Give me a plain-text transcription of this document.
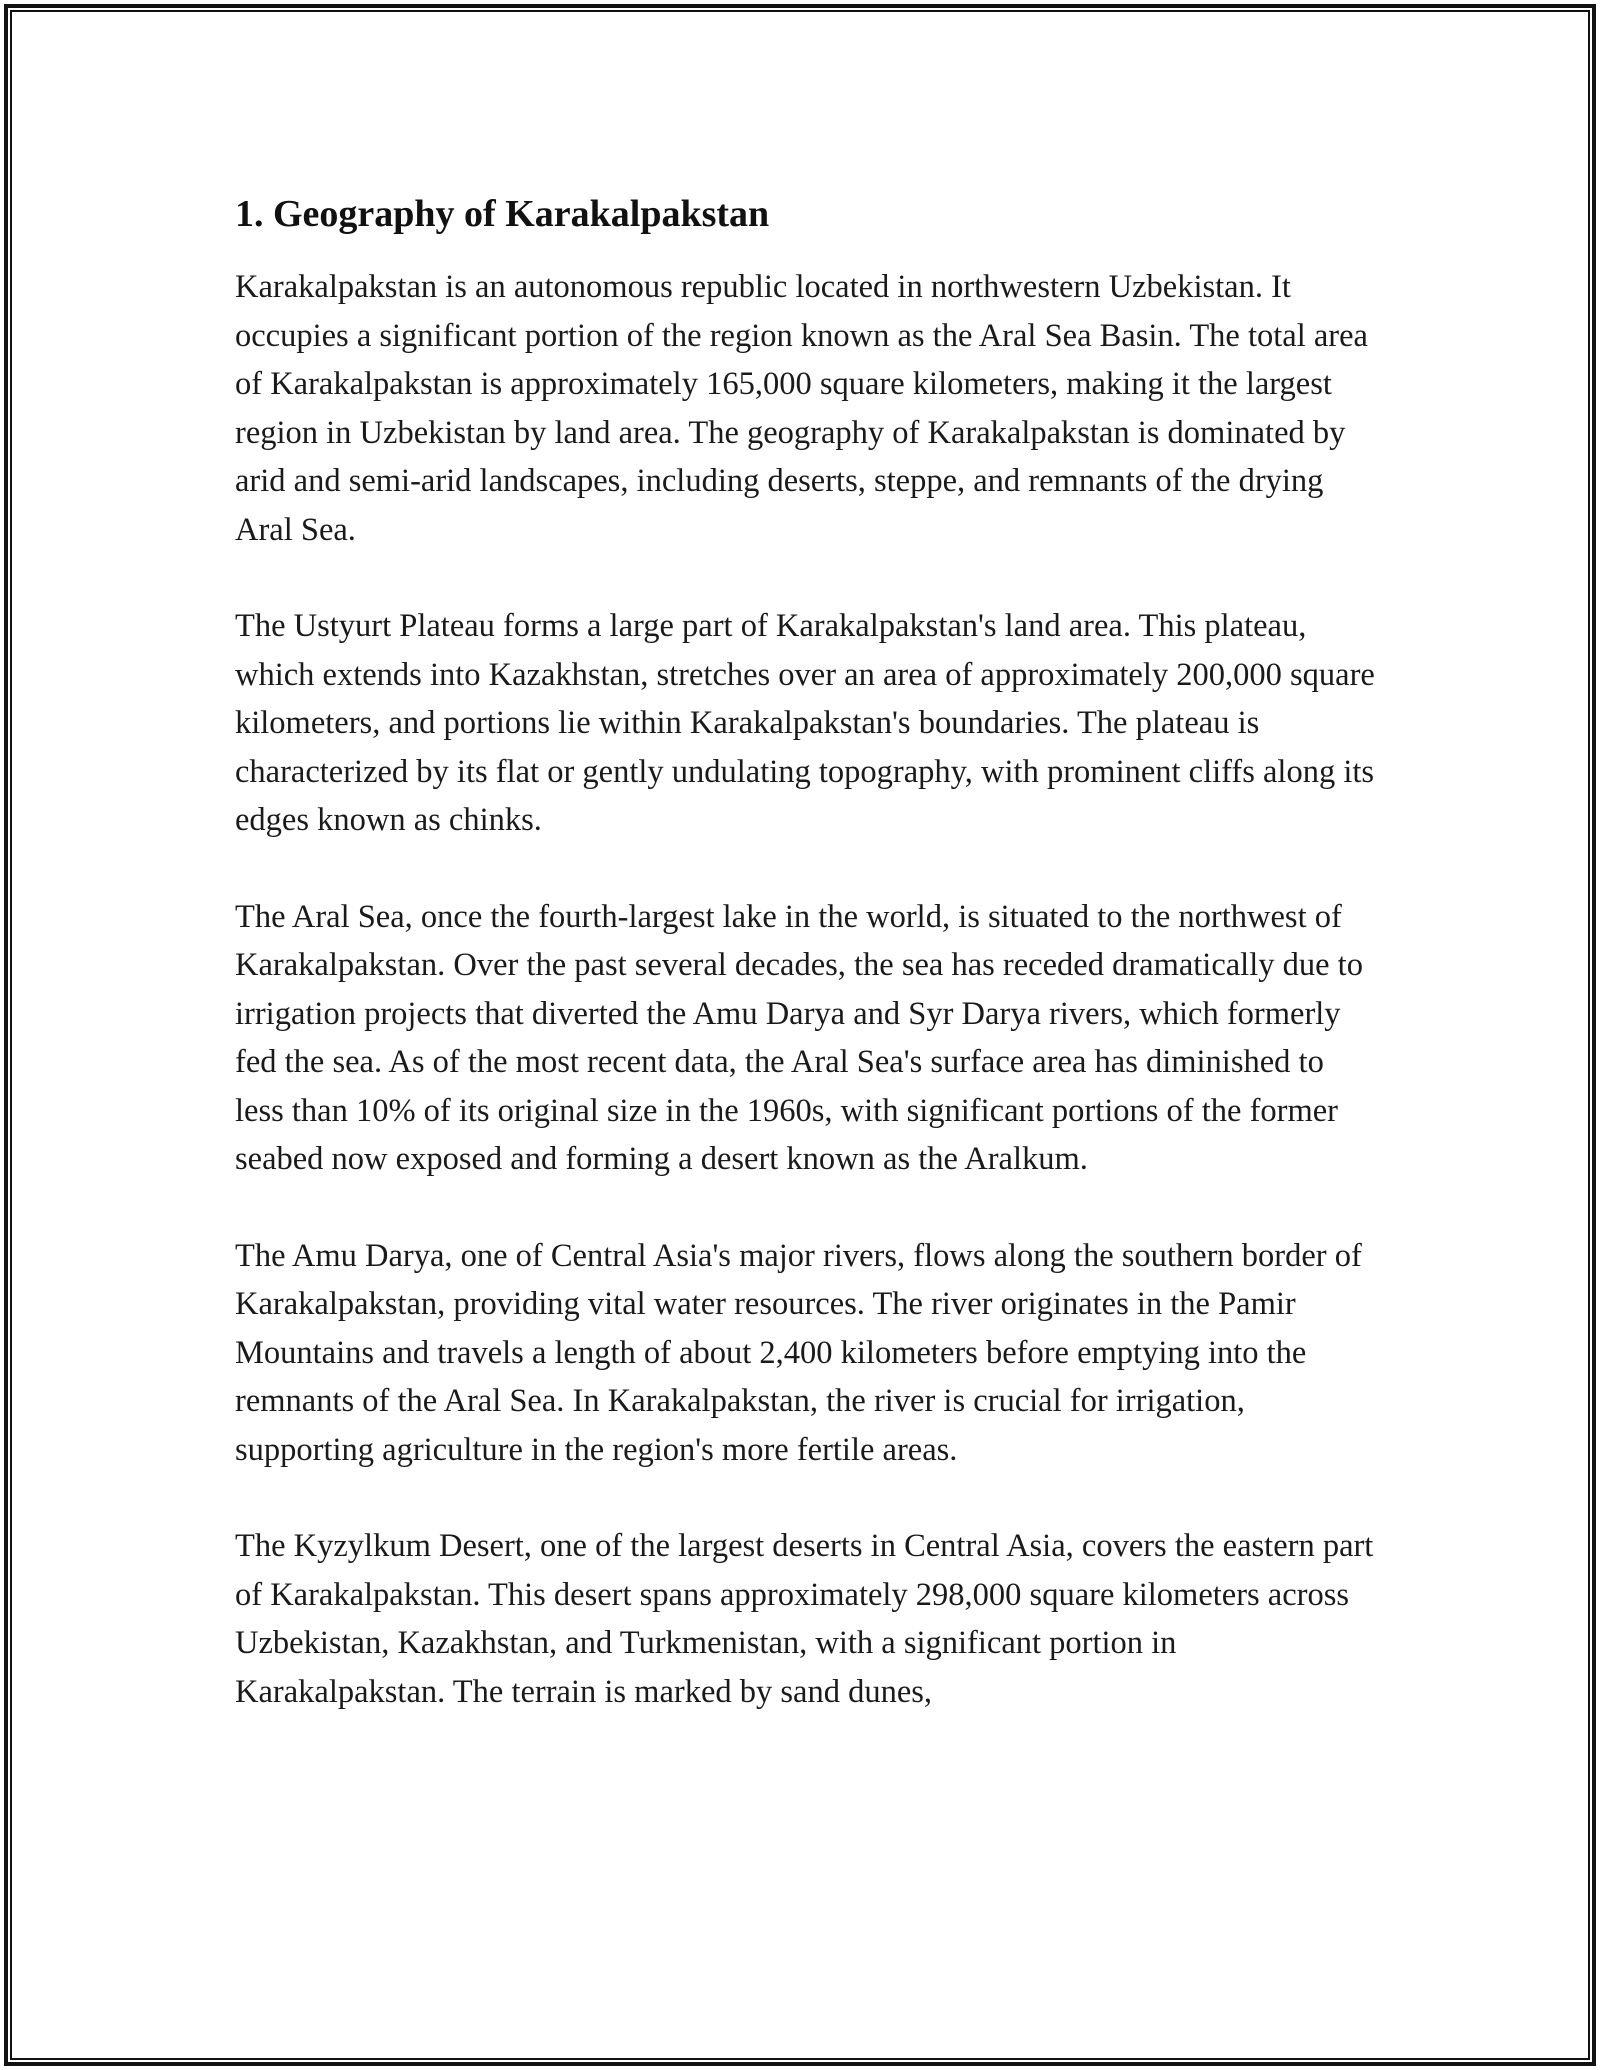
1. Geography of Karakalpakstan

Karakalpakstan is an autonomous republic located in northwestern Uzbekistan. It occupies a significant portion of the region known as the Aral Sea Basin. The total area of Karakalpakstan is approximately 165,000 square kilometers, making it the largest region in Uzbekistan by land area. The geography of Karakalpakstan is dominated by arid and semi-arid landscapes, including deserts, steppe, and remnants of the drying Aral Sea.

The Ustyurt Plateau forms a large part of Karakalpakstan's land area. This plateau, which extends into Kazakhstan, stretches over an area of approximately 200,000 square kilometers, and portions lie within Karakalpakstan's boundaries. The plateau is characterized by its flat or gently undulating topography, with prominent cliffs along its edges known as chinks.

The Aral Sea, once the fourth-largest lake in the world, is situated to the northwest of Karakalpakstan. Over the past several decades, the sea has receded dramatically due to irrigation projects that diverted the Amu Darya and Syr Darya rivers, which formerly fed the sea. As of the most recent data, the Aral Sea's surface area has diminished to less than 10% of its original size in the 1960s, with significant portions of the former seabed now exposed and forming a desert known as the Aralkum.

The Amu Darya, one of Central Asia's major rivers, flows along the southern border of Karakalpakstan, providing vital water resources. The river originates in the Pamir Mountains and travels a length of about 2,400 kilometers before emptying into the remnants of the Aral Sea. In Karakalpakstan, the river is crucial for irrigation, supporting agriculture in the region's more fertile areas.

The Kyzylkum Desert, one of the largest deserts in Central Asia, covers the eastern part of Karakalpakstan. This desert spans approximately 298,000 square kilometers across Uzbekistan, Kazakhstan, and Turkmenistan, with a significant portion in Karakalpakstan. The terrain is marked by sand dunes,
